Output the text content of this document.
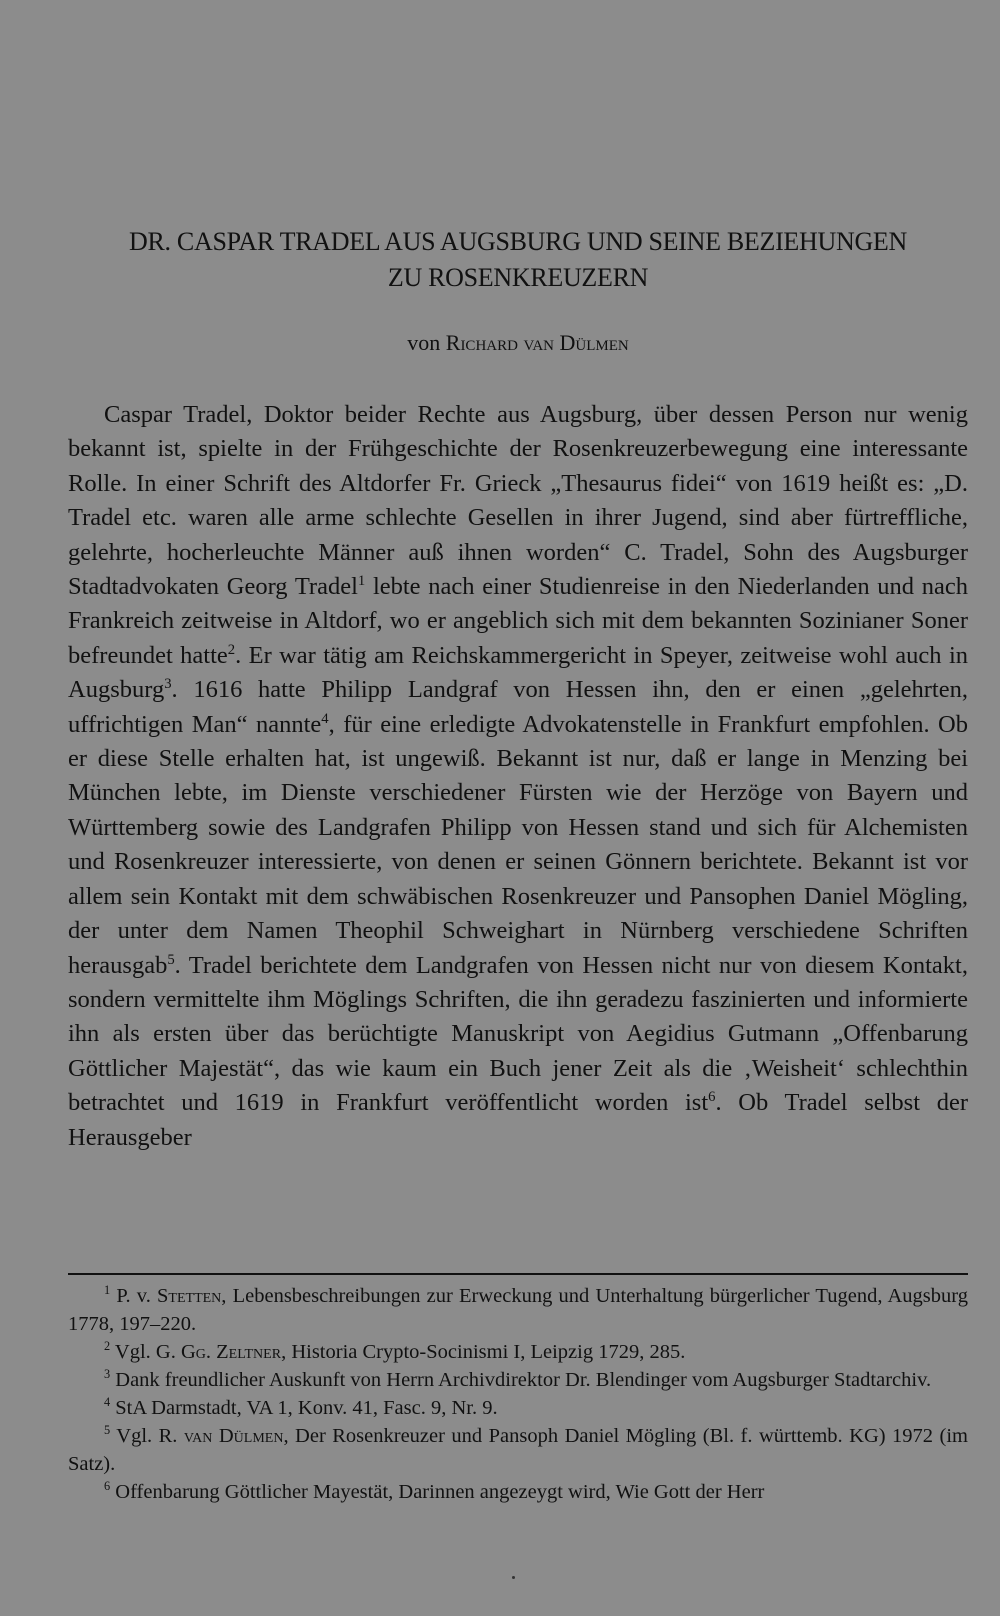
DR. CASPAR TRADEL AUS AUGSBURG UND SEINE BEZIEHUNGEN
ZU ROSENKREUZERN
von Richard van Dülmen

Caspar Tradel, Doktor beider Rechte aus Augsburg, über dessen Person nur wenig bekannt ist, spielte in der Frühgeschichte der Rosenkreuzerbewegung eine interessante Rolle. In einer Schrift des Altdorfer Fr. Grieck „Thesaurus fidei“ von 1619 heißt es: „D. Tradel etc. waren alle arme schlechte Gesellen in ihrer Jugend, sind aber fürtreffliche, gelehrte, hocherleuchte Männer auß ihnen worden“ C. Tradel, Sohn des Augsburger Stadtadvokaten Georg Tradel$^1$ lebte nach einer Studienreise in den Niederlanden und nach Frankreich zeitweise in Altdorf, wo er angeblich sich mit dem bekannten Sozinianer Soner befreundet hatte$^2$. Er war tätig am Reichskammergericht in Speyer, zeitweise wohl auch in Augsburg$^3$. 1616 hatte Philipp Landgraf von Hessen ihn, den er einen „gelehrten, uffrichtigen Man“ nannte$^4$, für eine erledigte Advokatenstelle in Frankfurt empfohlen. Ob er diese Stelle erhalten hat, ist ungewiß. Bekannt ist nur, daß er lange in Menzing bei München lebte, im Dienste verschiedener Fürsten wie der Herzöge von Bayern und Württemberg sowie des Landgrafen Philipp von Hessen stand und sich für Alchemisten und Rosenkreuzer interessierte, von denen er seinen Gönnern berichtete. Bekannt ist vor allem sein Kontakt mit dem schwäbischen Rosenkreuzer und Pansophen Daniel Mögling, der unter dem Namen Theophil Schweighart in Nürnberg verschiedene Schriften herausgab$^5$. Tradel berichtete dem Landgrafen von Hessen nicht nur von diesem Kontakt, sondern vermittelte ihm Möglings Schriften, die ihn geradezu faszinierten und informierte ihn als ersten über das berüchtigte Manuskript von Aegidius Gutmann „Offenbarung Göttlicher Majestät“, das wie kaum ein Buch jener Zeit als die ‚Weisheit‘ schlechthin betrachtet und 1619 in Frankfurt veröffentlicht worden ist$^6$. Ob Tradel selbst der Herausgeber

$^1$ P. v. Stetten, Lebensbeschreibungen zur Erweckung und Unterhaltung bürgerlicher Tugend, Augsburg 1778, 197–220.

$^2$ Vgl. G. Gg. Zeltner, Historia Crypto-Socinismi I, Leipzig 1729, 285.

$^3$ Dank freundlicher Auskunft von Herrn Archivdirektor Dr. Blendinger vom Augsburger Stadtarchiv.

$^4$ StA Darmstadt, VA 1, Konv. 41, Fasc. 9, Nr. 9.

$^5$ Vgl. R. van Dülmen, Der Rosenkreuzer und Pansoph Daniel Mögling (Bl. f. württemb. KG) 1972 (im Satz).

$^6$ Offenbarung Göttlicher Mayestät, Darinnen angezeygt wird, Wie Gott der Herr
